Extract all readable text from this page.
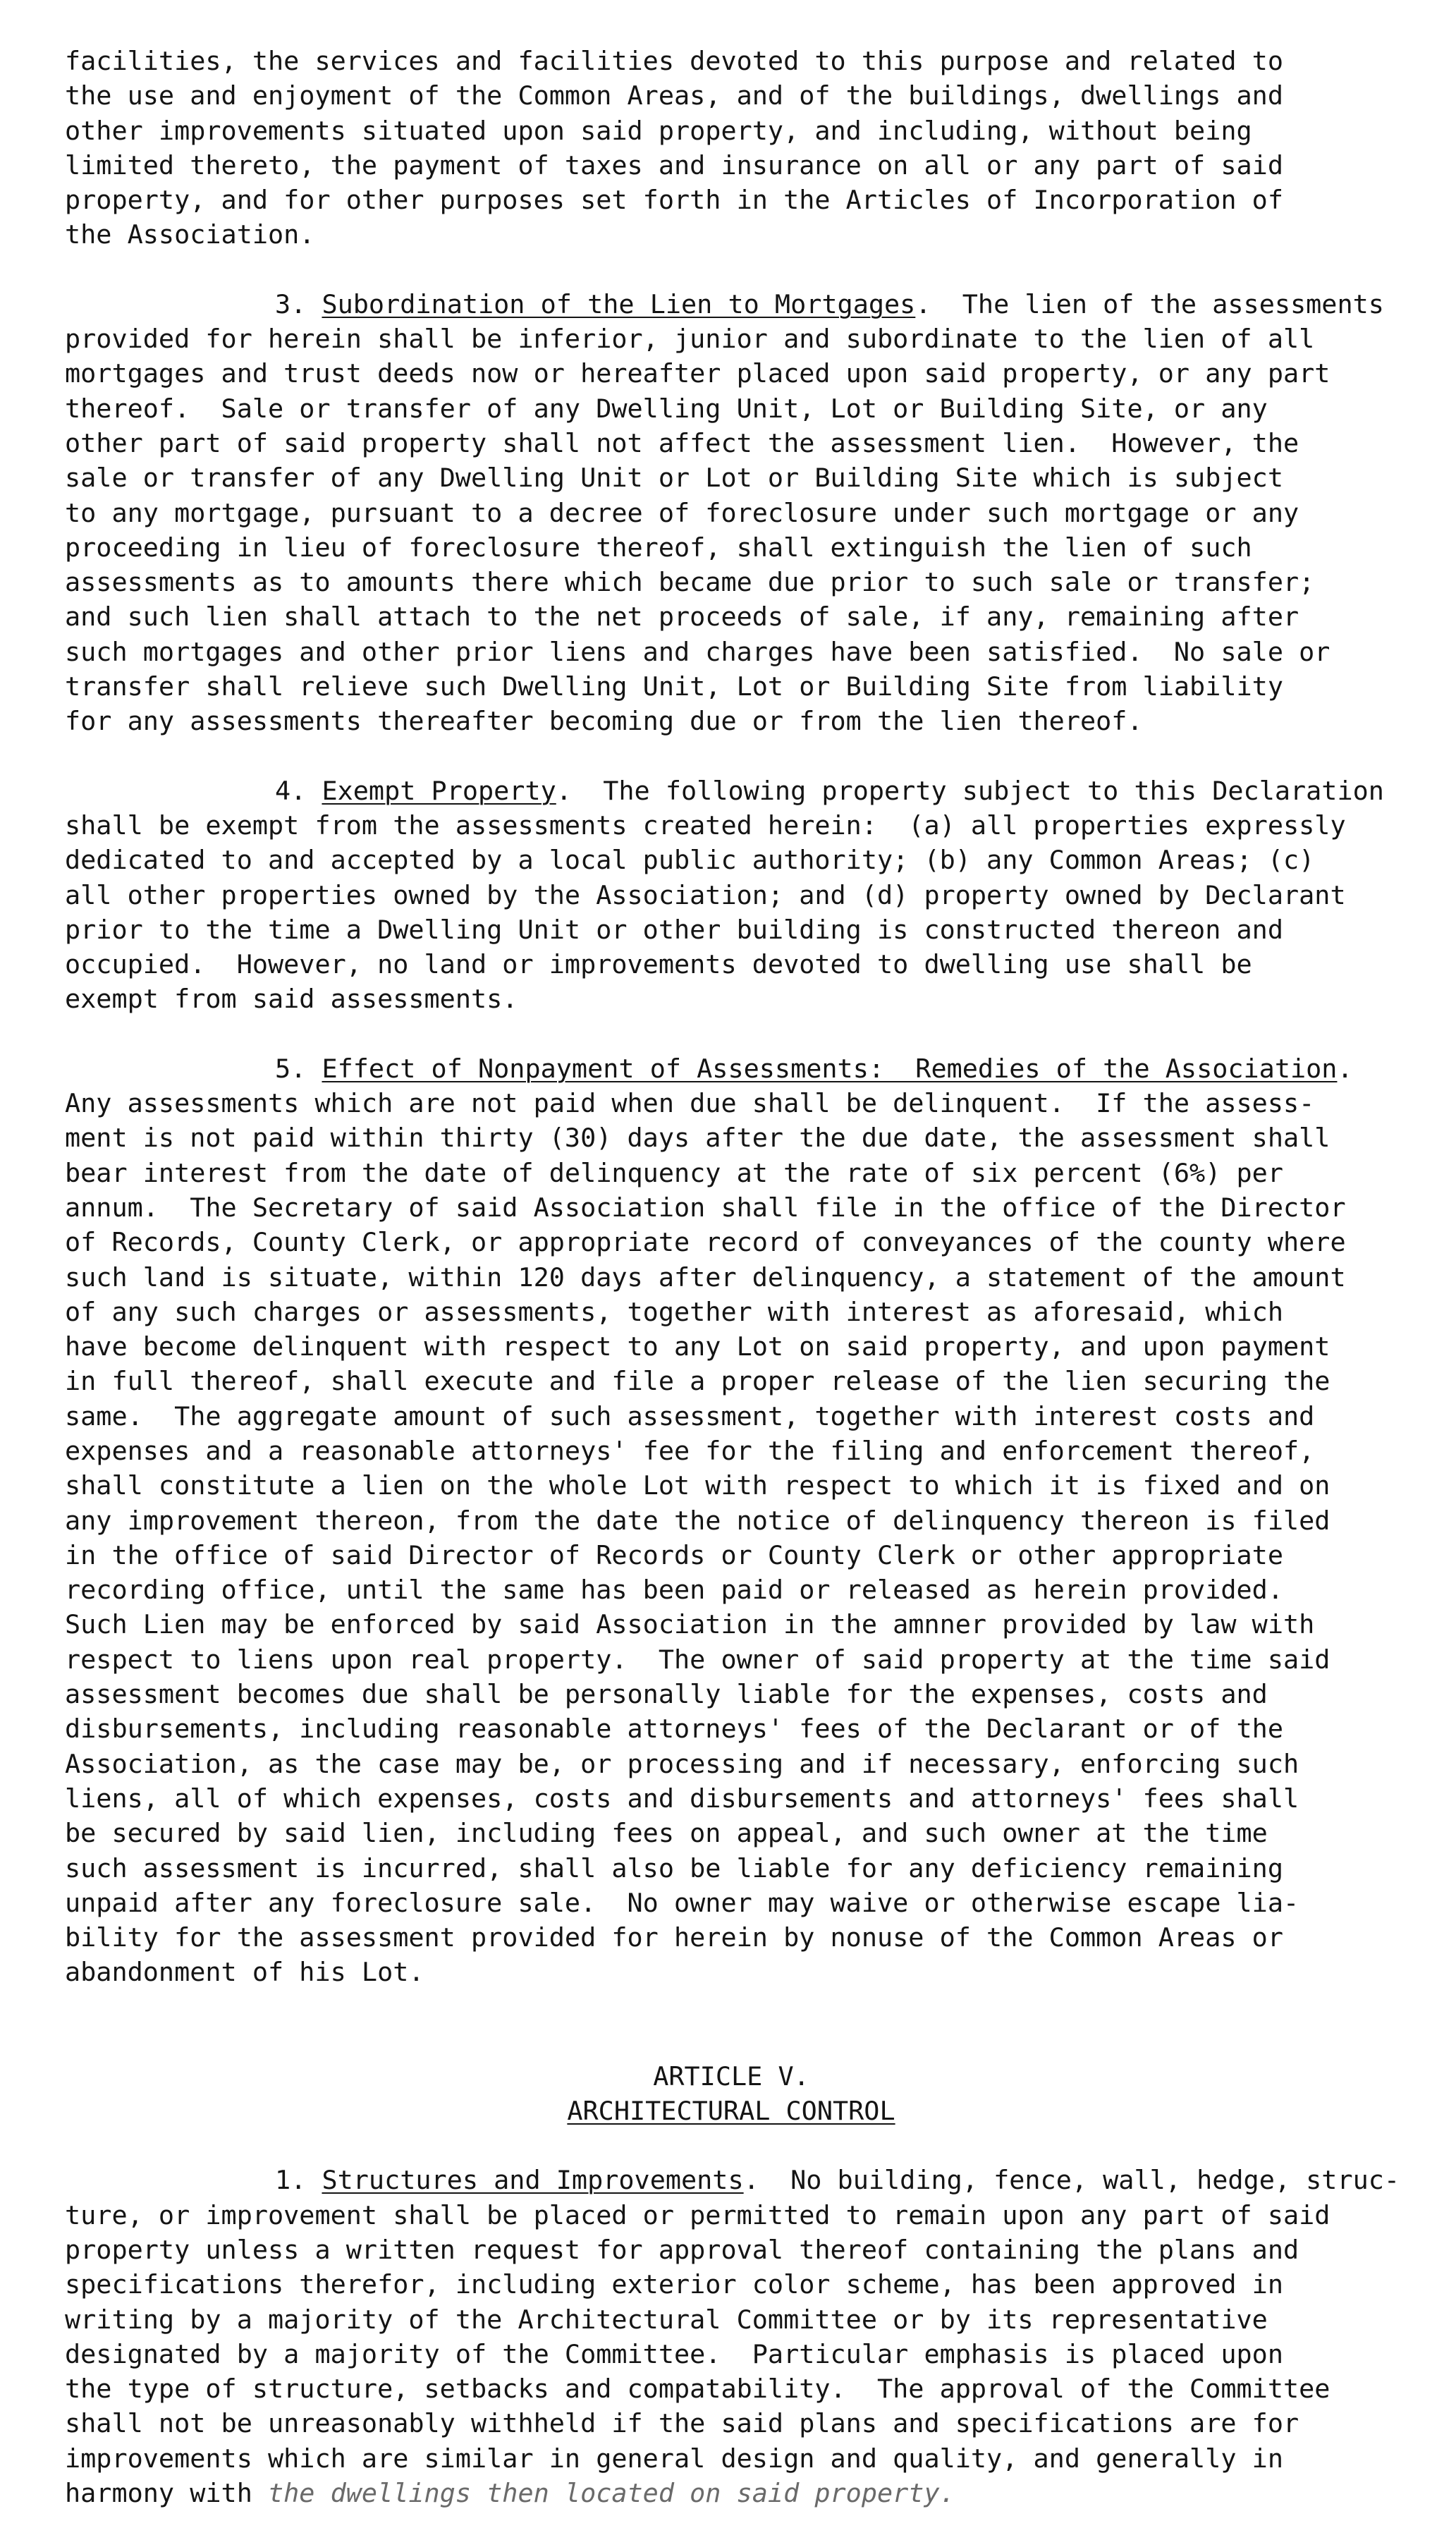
facilities, the services and facilities devoted to this purpose and related to
the use and enjoyment of the Common Areas, and of the buildings, dwellings and
other improvements situated upon said property, and including, without being
limited thereto, the payment of taxes and insurance on all or any part of said
property, and for other purposes set forth in the Articles of Incorporation of
the Association.
3. Subordination of the Lien to Mortgages.  The lien of the assessments
provided for herein shall be inferior, junior and subordinate to the lien of all
mortgages and trust deeds now or hereafter placed upon said property, or any part
thereof.  Sale or transfer of any Dwelling Unit, Lot or Building Site, or any
other part of said property shall not affect the assessment lien.  However, the
sale or transfer of any Dwelling Unit or Lot or Building Site which is subject
to any mortgage, pursuant to a decree of foreclosure under such mortgage or any
proceeding in lieu of foreclosure thereof, shall extinguish the lien of such
assessments as to amounts there which became due prior to such sale or transfer;
and such lien shall attach to the net proceeds of sale, if any, remaining after
such mortgages and other prior liens and charges have been satisfied.  No sale or
transfer shall relieve such Dwelling Unit, Lot or Building Site from liability
for any assessments thereafter becoming due or from the lien thereof.
4. Exempt Property.  The following property subject to this Declaration
shall be exempt from the assessments created herein:  (a) all properties expressly
dedicated to and accepted by a local public authority; (b) any Common Areas; (c)
all other properties owned by the Association; and (d) property owned by Declarant
prior to the time a Dwelling Unit or other building is constructed thereon and
occupied.  However, no land or improvements devoted to dwelling use shall be
exempt from said assessments.
5. Effect of Nonpayment of Assessments:  Remedies of the Association.
Any assessments which are not paid when due shall be delinquent.  If the assess-
ment is not paid within thirty (30) days after the due date, the assessment shall
bear interest from the date of delinquency at the rate of six percent (6%) per
annum.  The Secretary of said Association shall file in the office of the Director
of Records, County Clerk, or appropriate record of conveyances of the county where
such land is situate, within 120 days after delinquency, a statement of the amount
of any such charges or assessments, together with interest as aforesaid, which
have become delinquent with respect to any Lot on said property, and upon payment
in full thereof, shall execute and file a proper release of the lien securing the
same.  The aggregate amount of such assessment, together with interest costs and
expenses and a reasonable attorneys' fee for the filing and enforcement thereof,
shall constitute a lien on the whole Lot with respect to which it is fixed and on
any improvement thereon, from the date the notice of delinquency thereon is filed
in the office of said Director of Records or County Clerk or other appropriate
recording office, until the same has been paid or released as herein provided.
Such Lien may be enforced by said Association in the amnner provided by law with
respect to liens upon real property.  The owner of said property at the time said
assessment becomes due shall be personally liable for the expenses, costs and
disbursements, including reasonable attorneys' fees of the Declarant or of the
Association, as the case may be, or processing and if necessary, enforcing such
liens, all of which expenses, costs and disbursements and attorneys' fees shall
be secured by said lien, including fees on appeal, and such owner at the time
such assessment is incurred, shall also be liable for any deficiency remaining
unpaid after any foreclosure sale.  No owner may waive or otherwise escape lia-
bility for the assessment provided for herein by nonuse of the Common Areas or
abandonment of his Lot.
ARTICLE V.
ARCHITECTURAL CONTROL
1. Structures and Improvements.  No building, fence, wall, hedge, struc-
ture, or improvement shall be placed or permitted to remain upon any part of said
property unless a written request for approval thereof containing the plans and
specifications therefor, including exterior color scheme, has been approved in
writing by a majority of the Architectural Committee or by its representative
designated by a majority of the Committee.  Particular emphasis is placed upon
the type of structure, setbacks and compatability.  The approval of the Committee
shall not be unreasonably withheld if the said plans and specifications are for
improvements which are similar in general design and quality, and generally in
harmony with the dwellings then located on said property.
